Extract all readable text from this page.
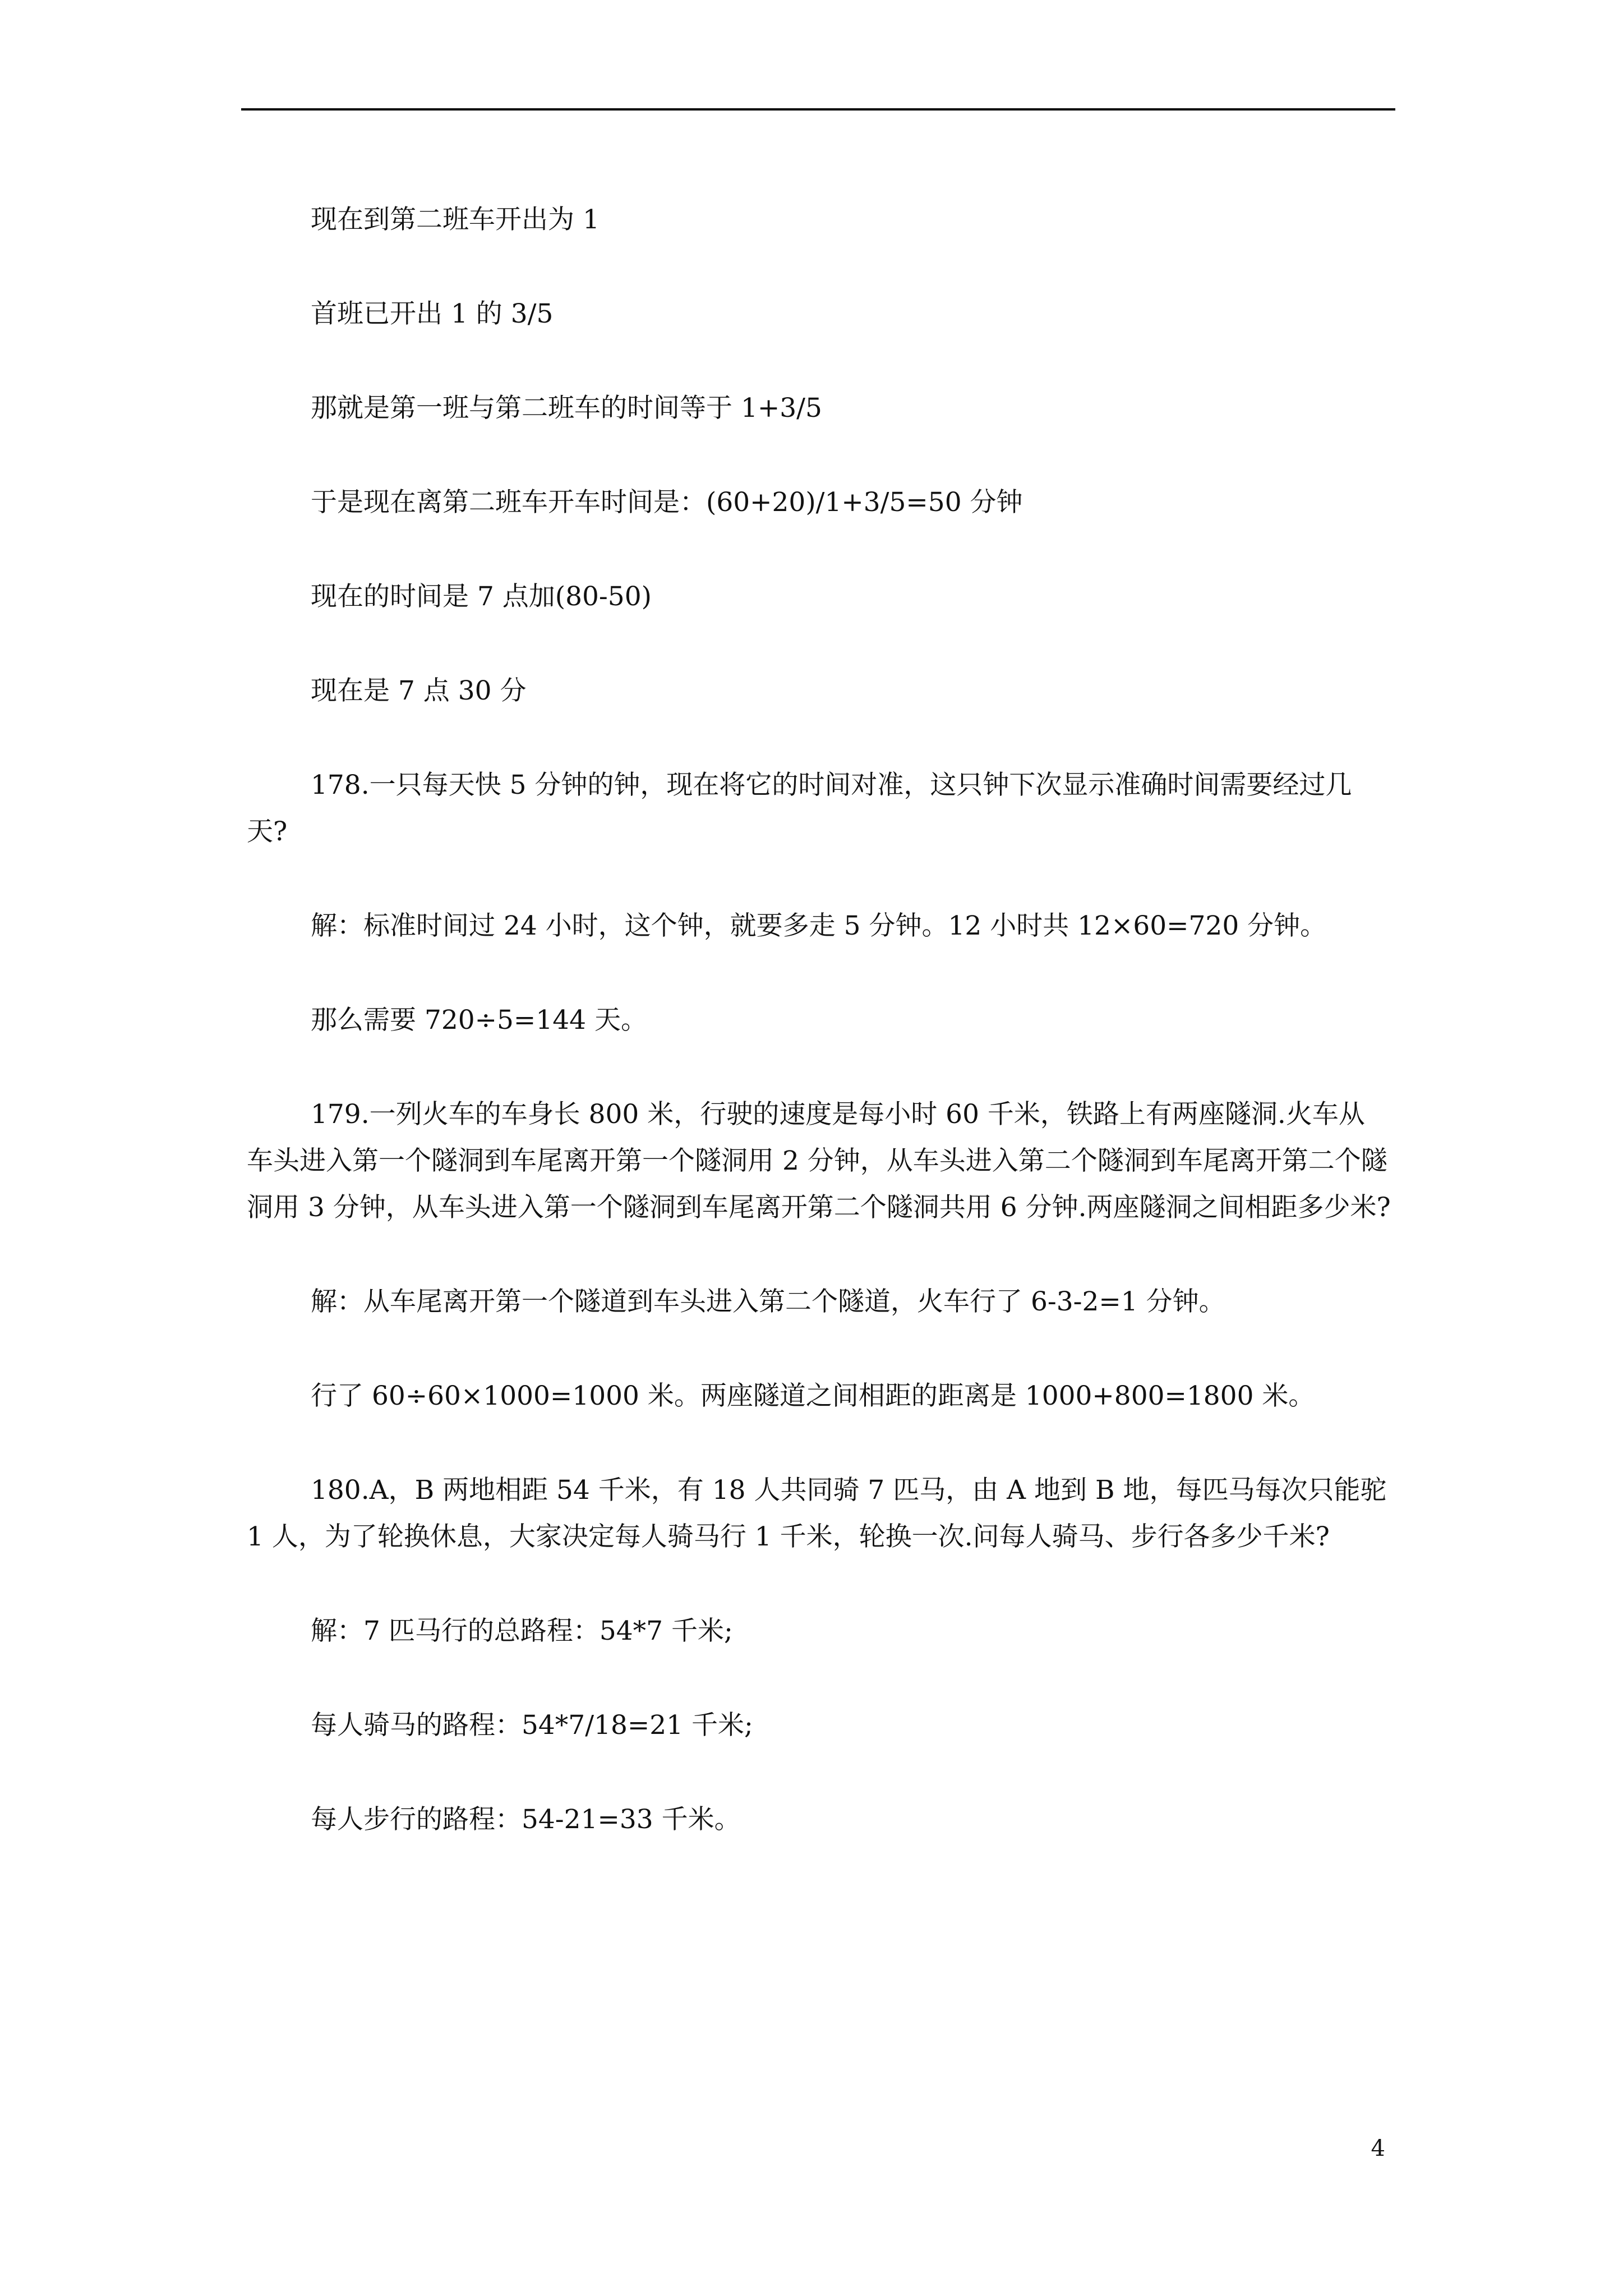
现在到第二班车开出为 1

首班已开出 1 的 3/5

那就是第一班与第二班车的时间等于 1+3/5

于是现在离第二班车开车时间是：(60+20)/1+3/5=50 分钟

现在的时间是 7 点加(80-50)

现在是 7 点 30 分

178.一只每天快 5 分钟的钟，现在将它的时间对准，这只钟下次显示准确时间需要经过几天?

解：标准时间过 24 小时，这个钟，就要多走 5 分钟。12 小时共 12×60=720 分钟。

那么需要 720÷5=144 天。

179.一列火车的车身长 800 米，行驶的速度是每小时 60 千米，铁路上有两座隧洞.火车从车头进入第一个隧洞到车尾离开第一个隧洞用 2 分钟，从车头进入第二个隧洞到车尾离开第二个隧洞用 3 分钟，从车头进入第一个隧洞到车尾离开第二个隧洞共用 6 分钟.两座隧洞之间相距多少米?

解：从车尾离开第一个隧道到车头进入第二个隧道，火车行了 6-3-2=1 分钟。

行了 60÷60×1000=1000 米。两座隧道之间相距的距离是 1000+800=1800 米。

180.A，B 两地相距 54 千米，有 18 人共同骑 7 匹马，由 A 地到 B 地，每匹马每次只能驼 1 人，为了轮换休息，大家决定每人骑马行 1 千米，轮换一次.问每人骑马、步行各多少千米?

解：7 匹马行的总路程：54*7 千米;

每人骑马的路程：54*7/18=21 千米;

每人步行的路程：54-21=33 千米。

4
